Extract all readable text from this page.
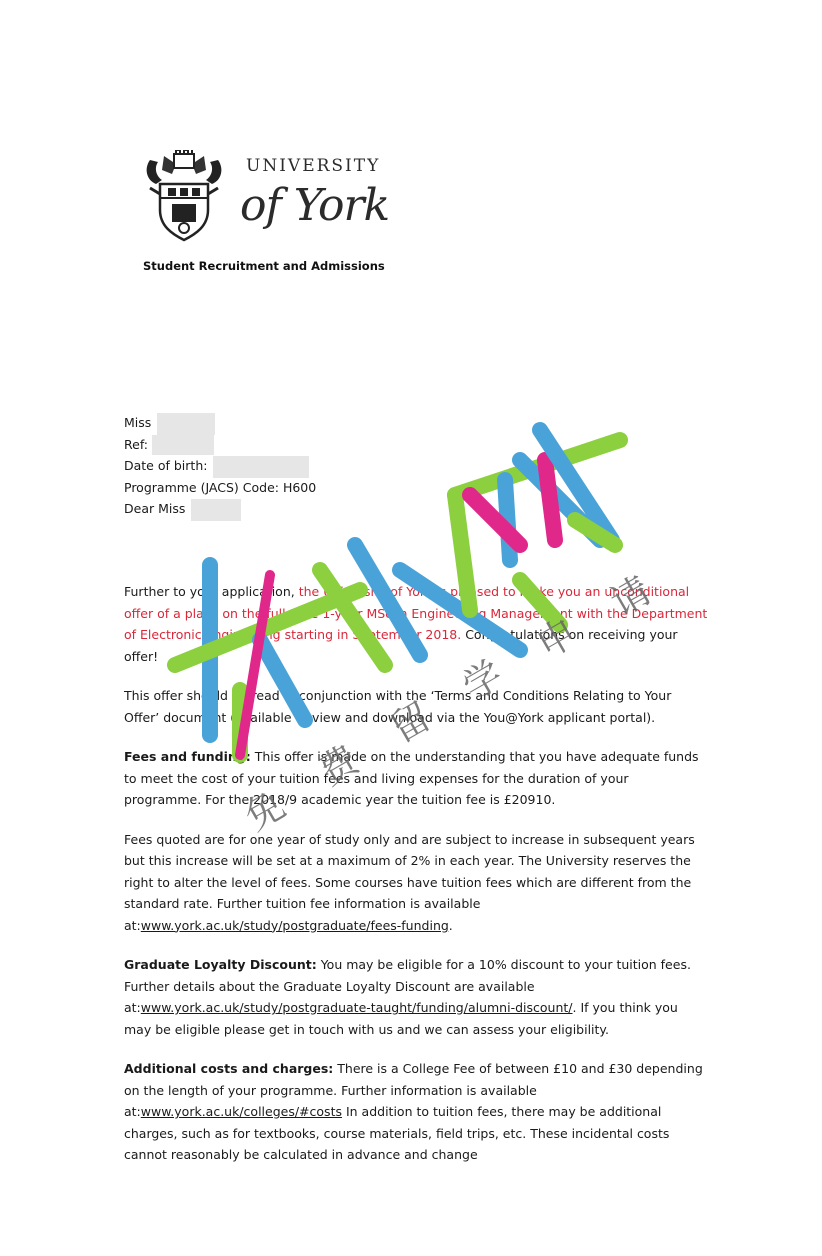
UNIVERSITY
of York
Student Recruitment and Admissions
Miss
Ref:
Date of birth:
Programme (JACS) Code: H600
Dear Miss

Further to your application, the University of York is pleased to make you an unconditional offer of a place on the full-time 1-year MSc in Engineering Management with the Department of Electronic Engineering starting in September 2018. Congratulations on receiving your offer!

This offer should be read in conjunction with the ‘Terms and Conditions Relating to Your Offer’ document (available to view and download via the You@York applicant portal).

Fees and funding: This offer is made on the understanding that you have adequate funds to meet the cost of your tuition fees and living expenses for the duration of your programme. For the 2018/9 academic year the tuition fee is £20910.

Fees quoted are for one year of study only and are subject to increase in subsequent years but this increase will be set at a maximum of 2% in each year. The University reserves the right to alter the level of fees. Some courses have tuition fees which are different from the standard rate. Further tuition fee information is available at:www.york.ac.uk/study/postgraduate/fees-funding.

Graduate Loyalty Discount: You may be eligible for a 10% discount to your tuition fees. Further details about the Graduate Loyalty Discount are available at:www.york.ac.uk/study/postgraduate-taught/funding/alumni-discount/. If you think you may be eligible please get in touch with us and we can assess your eligibility.

Additional costs and charges: There is a College Fee of between £10 and £30 depending on the length of your programme. Further information is available at:www.york.ac.uk/colleges/#costs In addition to tuition fees, there may be additional charges, such as for textbooks, course materials, field trips, etc. These incidental costs cannot reasonably be calculated in advance and change

免
费
留
学
申
请
